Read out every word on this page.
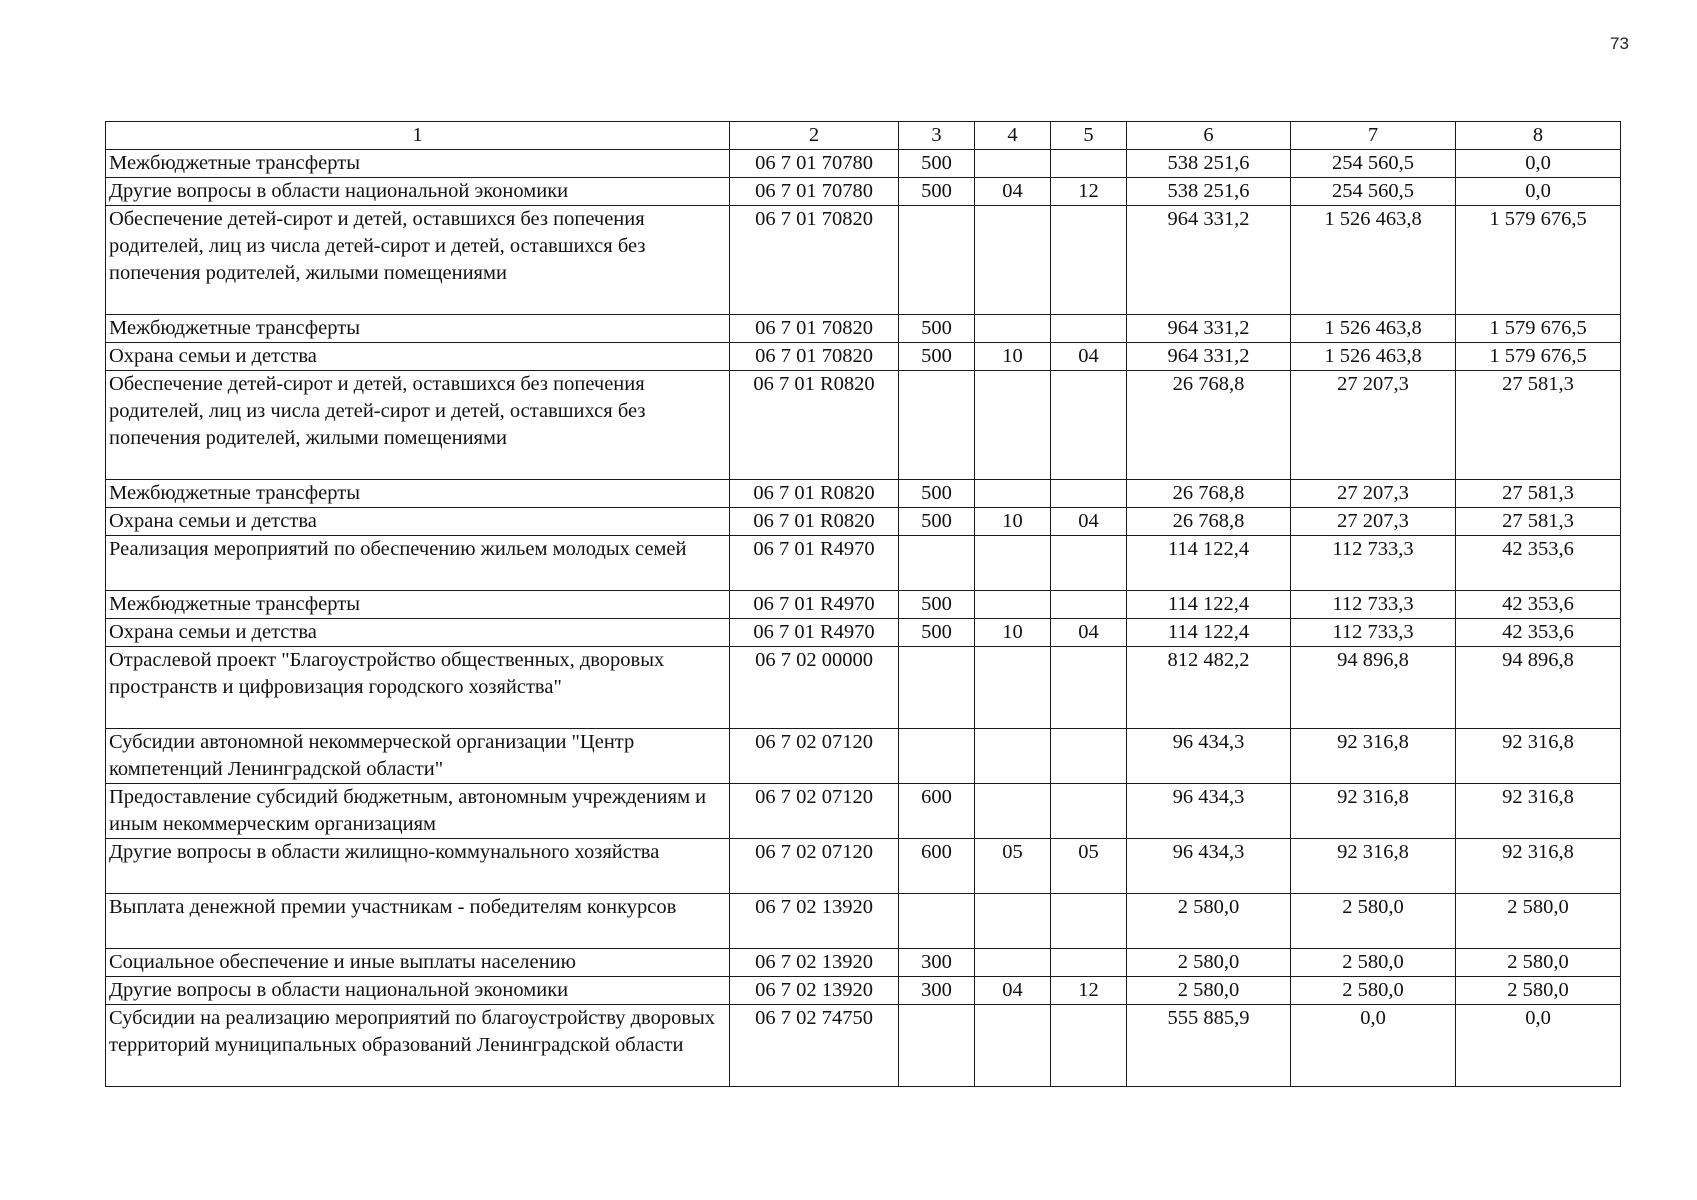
73
1	2	3	4	5	6	7	8
Межбюджетные трансферты	06 7 01 70780	500			538 251,6	254 560,5	0,0
Другие вопросы в области национальной экономики	06 7 01 70780	500	04	12	538 251,6	254 560,5	0,0
Обеспечение детей-сирот и детей, оставшихся без попечения родителей, лиц из числа детей-сирот и детей, оставшихся без попечения родителей, жилыми помещениями	06 7 01 70820				964 331,2	1 526 463,8	1 579 676,5
Межбюджетные трансферты	06 7 01 70820	500			964 331,2	1 526 463,8	1 579 676,5
Охрана семьи и детства	06 7 01 70820	500	10	04	964 331,2	1 526 463,8	1 579 676,5
Обеспечение детей-сирот и детей, оставшихся без попечения родителей, лиц из числа детей-сирот и детей, оставшихся без попечения родителей, жилыми помещениями	06 7 01 R0820				26 768,8	27 207,3	27 581,3
Межбюджетные трансферты	06 7 01 R0820	500			26 768,8	27 207,3	27 581,3
Охрана семьи и детства	06 7 01 R0820	500	10	04	26 768,8	27 207,3	27 581,3
Реализация мероприятий по обеспечению жильем молодых семей	06 7 01 R4970				114 122,4	112 733,3	42 353,6
Межбюджетные трансферты	06 7 01 R4970	500			114 122,4	112 733,3	42 353,6
Охрана семьи и детства	06 7 01 R4970	500	10	04	114 122,4	112 733,3	42 353,6
Отраслевой проект "Благоустройство общественных, дворовых пространств и цифровизация городского хозяйства"	06 7 02 00000				812 482,2	94 896,8	94 896,8
Субсидии автономной некоммерческой организации "Центр компетенций Ленинградской области"	06 7 02 07120				96 434,3	92 316,8	92 316,8
Предоставление субсидий бюджетным, автономным учреждениям и иным некоммерческим организациям	06 7 02 07120	600			96 434,3	92 316,8	92 316,8
Другие вопросы в области жилищно-коммунального хозяйства	06 7 02 07120	600	05	05	96 434,3	92 316,8	92 316,8
Выплата денежной премии участникам - победителям конкурсов	06 7 02 13920				2 580,0	2 580,0	2 580,0
Социальное обеспечение и иные выплаты населению	06 7 02 13920	300			2 580,0	2 580,0	2 580,0
Другие вопросы в области национальной экономики	06 7 02 13920	300	04	12	2 580,0	2 580,0	2 580,0
Субсидии на реализацию мероприятий по благоустройству дворовых территорий муниципальных образований Ленинградской области	06 7 02 74750				555 885,9	0,0	0,0
